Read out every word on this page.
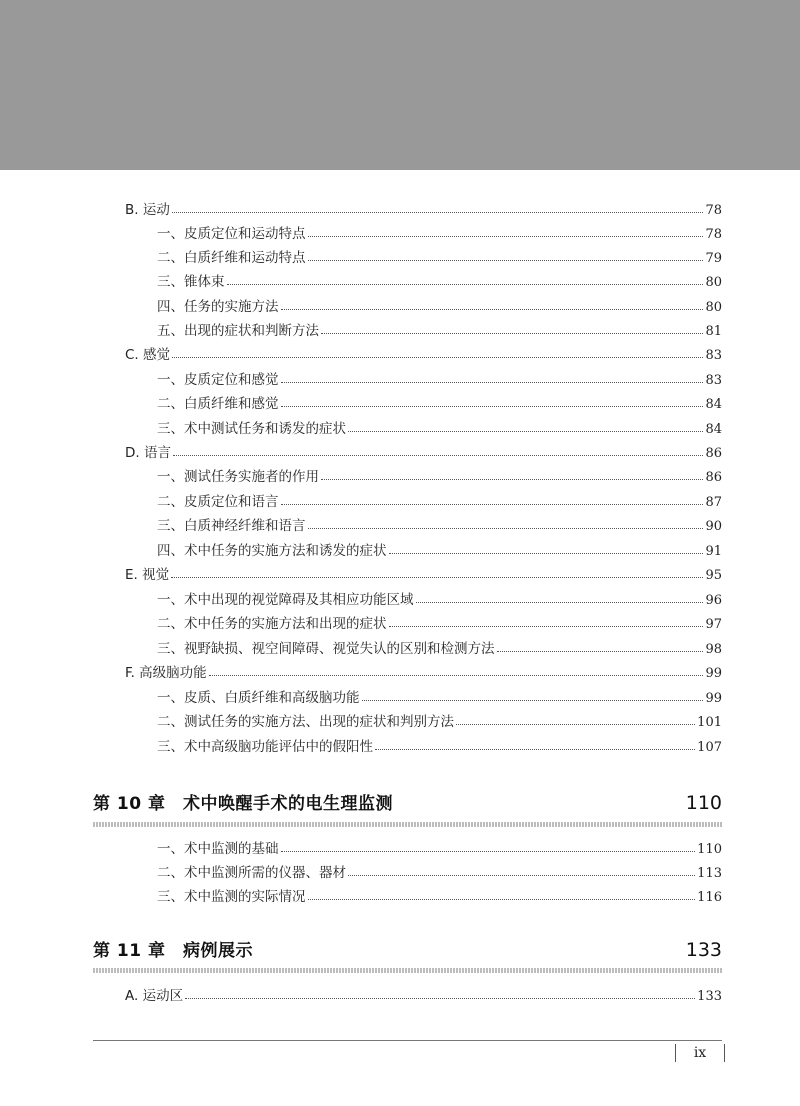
B. 运动	78
一、皮质定位和运动特点	78
二、白质纤维和运动特点	79
三、锥体束	80
四、任务的实施方法	80
五、出现的症状和判断方法	81
C. 感觉	83
一、皮质定位和感觉	83
二、白质纤维和感觉	84
三、术中测试任务和诱发的症状	84
D. 语言	86
一、测试任务实施者的作用	86
二、皮质定位和语言	87
三、白质神经纤维和语言	90
四、术中任务的实施方法和诱发的症状	91
E. 视觉	95
一、术中出现的视觉障碍及其相应功能区域	96
二、术中任务的实施方法和出现的症状	97
三、视野缺损、视空间障碍、视觉失认的区别和检测方法	98
F. 高级脑功能	99
一、皮质、白质纤维和高级脑功能	99
二、测试任务的实施方法、出现的症状和判别方法	101
三、术中高级脑功能评估中的假阳性	107
第 10 章　术中唤醒手术的电生理监测	110
一、术中监测的基础	110
二、术中监测所需的仪器、器材	113
三、术中监测的实际情况	116
第 11 章　病例展示	133
A. 运动区	133
ix
